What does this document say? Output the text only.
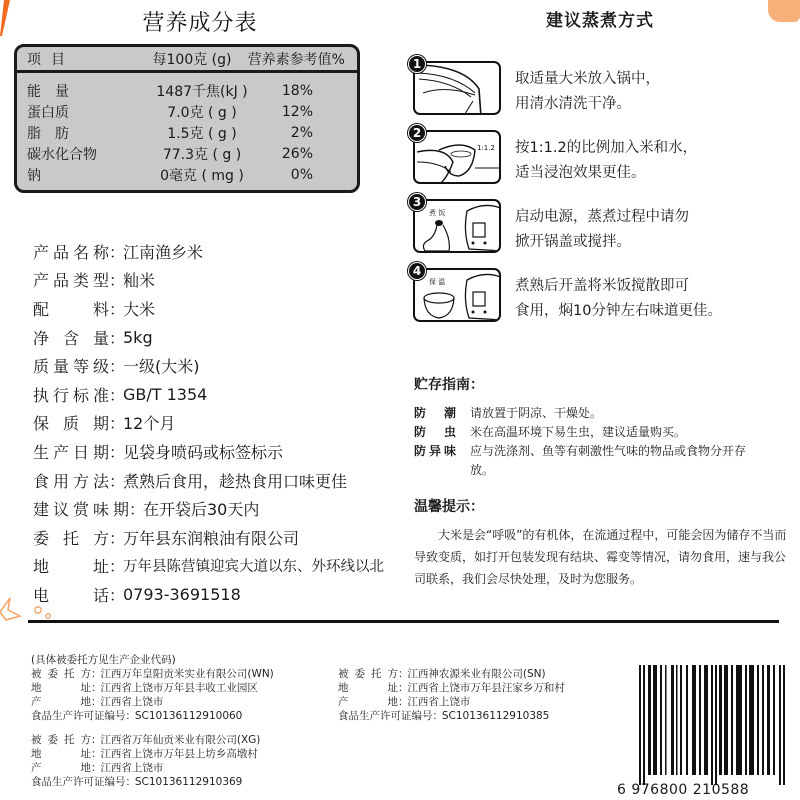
营养成分表
项目	每100克 (g)	营养素参考值%
能　量	1487千焦(kJ )	18%
蛋白质	7.0克 ( g )	12%
脂　肪	1.5克 ( g )	2%
碳水化合物	77.3克 ( g )	26%
钠	0毫克 ( mg )	0%
产品名称 ：
江南渔乡米
产品类型 ：
籼米
配料 ：
大米
净含量 ：
5kg
质量等级 ：
一级(大米)
执行标准 ：
GB/T 1354
保质期 ：
12个月
生产日期 ：
见袋身喷码或标签标示
食用方法 ：
煮熟后食用，趁热食用口味更佳
建议赏味期 ：
在开袋后30天内
委托方 ：
万年县东润粮油有限公司
地址 ：
万年县陈营镇迎宾大道以东、外环线以北
电话 ：
0793-3691518
建议蒸煮方式
1
取适量大米放入锅中，
用清水清洗干净。
2
1:1.2 按1:1.2的比例加入米和水，
适当浸泡效果更佳。
3
煮 饭	启动电源，蒸煮过程中请勿
掀开锅盖或搅拌。
4
保 温	煮熟后开盖将米饭搅散即可
食用，焖10分钟左右味道更佳。
贮存指南：
防潮	请放置于阴凉、干燥处。
防虫	米在高温环境下易生虫，建议适量购买。
防异味	应与洗涤剂、鱼等有刺激性气味的物品或食物分开存放。
温馨提示：
大米是会“呼吸”的有机体，在流通过程中，可能会因为储存不当而导致变质，如打开包装发现有结块、霉变等情况，请勿食用，速与我公司联系，我们会尽快处理，及时为您服务。
(具体被委托方见生产企业代码)
被委托方 ：

江西万年皇阳贡米实业有限公司(WN)
地址 ：

江西省上饶市万年县丰收工业园区
产地 ：

江西省上饶市
食品生产许可证编号 ：

SC10136112910060
被委托方 ：

江西省万年仙贡米业有限公司(XG)
地址 ：

江西省上饶市万年县上坊乡高墩村
产地 ：

江西省上饶市
食品生产许可证编号 ：

SC10136112910369
被委托方 ：

江西神农源米业有限公司(SN)
地址 ：

江西省上饶市万年县汪家乡万和村
产地 ：

江西省上饶市
食品生产许可证编号 ：

SC10136112910385
6 976800 210588
